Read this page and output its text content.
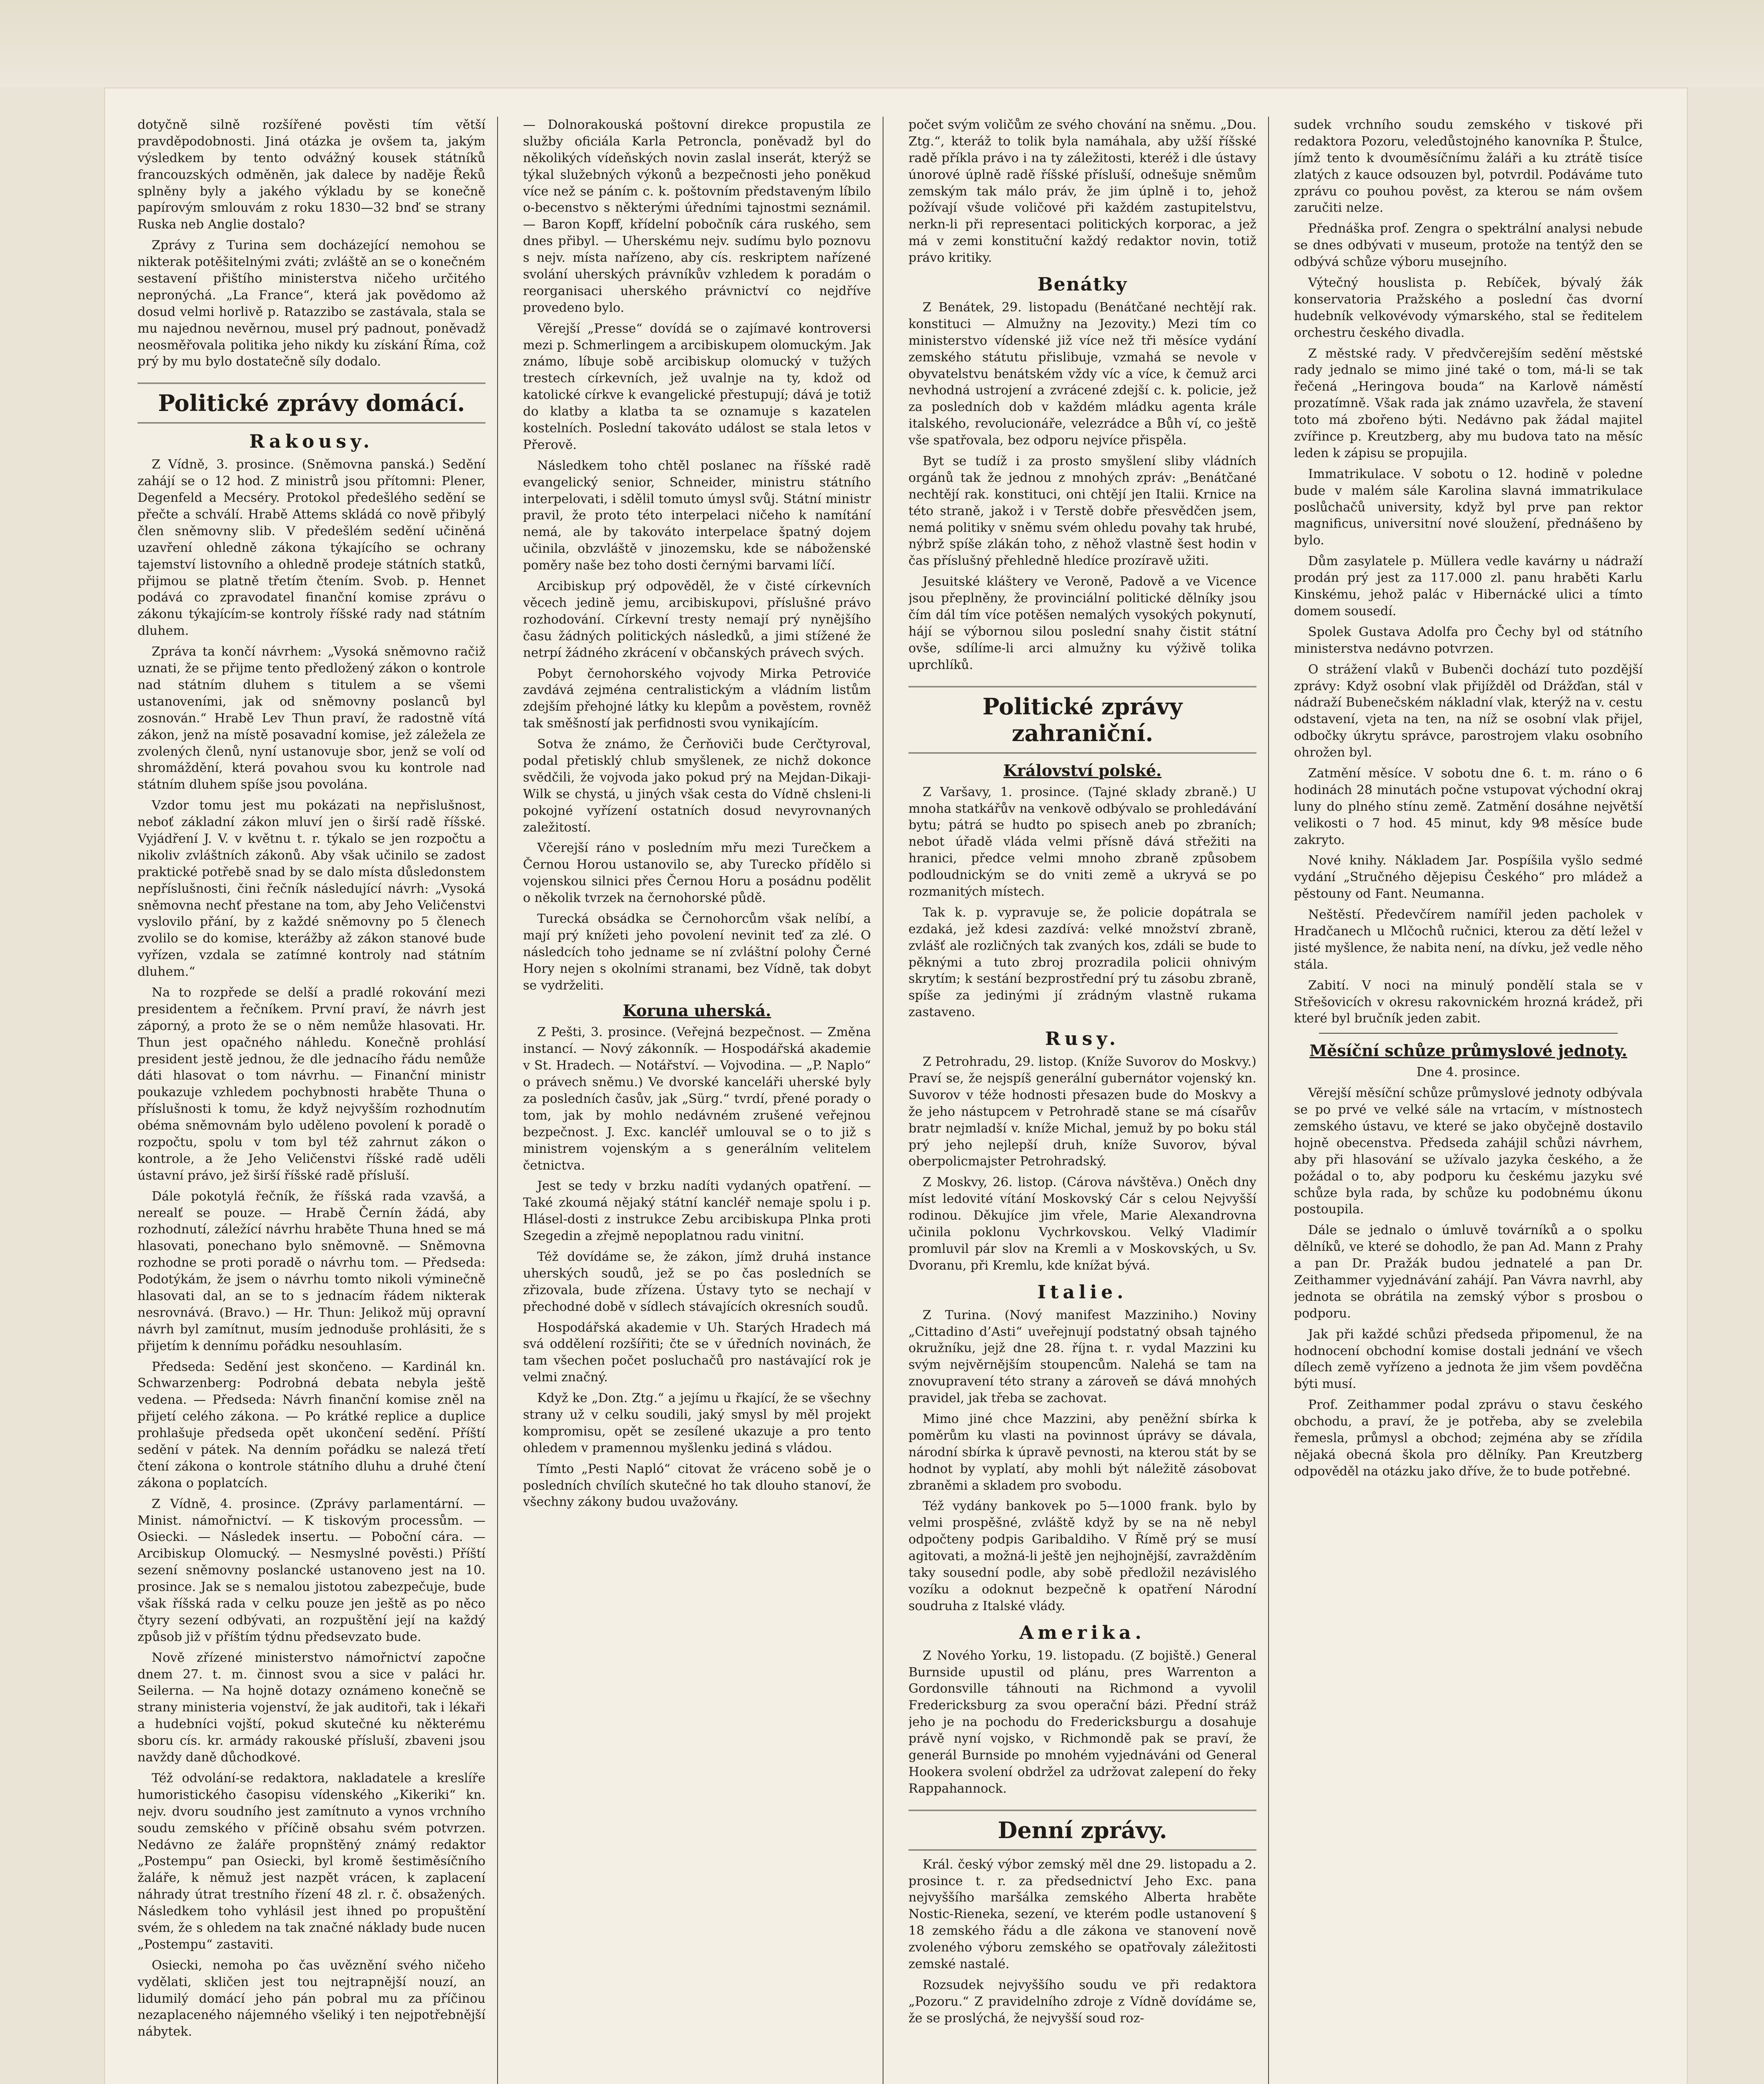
dotyčně silně rozšířené pověsti tím větší pravděpodobnosti. Jiná otázka je ovšem ta, jakým výsledkem by tento odvážný kousek státníků francouzských odměněn, jak dalece by naděje Řeků splněny byly a jakého výkladu by se konečně papírovým smlouvám z roku 1830—32 bnď se strany Ruska neb Anglie dostalo?

Zprávy z Turina sem docházející nemohou se nikterak potěšitelnými zváti; zvláště an se o konečném sestavení přištího ministerstva ničeho určitého nepronýchá. „La France“, která jak povědomo až dosud velmi horlivě p. Ratazzibo se zastávala, stala se mu najednou nevěrnou, musel prý padnout, poněvadž neosměřovala politika jeho nikdy ku získání Říma, což prý by mu bylo dostatečně síly dodalo.

Politické zprávy domácí.
Rakousy.

Z Vídně, 3. prosince. (Sněmovna panská.) Sedění zahájí se o 12 hod. Z ministrů jsou přítomni: Plener, Degenfeld a Mecséry. Protokol předešlého sedění se přečte a schválí. Hrabě Attems skládá co nově přibylý člen sněmovny slib. V předešlém sedění učiněná uzavření ohledně zákona týkajícího se ochrany tajemství listovního a ohledně prodeje státních statků, přijmou se platně třetím čtením. Svob. p. Hennet podává co zpravodatel finanční komise zprávu o zákonu týkajícím-se kontroly říšské rady nad státním dluhem.

Zpráva ta končí návrhem: „Vysoká sněmovno račiž uznati, že se přijme tento předložený zákon o kontrole nad státním dluhem s titulem a se všemi ustanoveními, jak od sněmovny poslanců byl zosnován.“ Hrabě Lev Thun praví, že radostně vítá zákon, jenž na místě posavadní komise, jež záležela ze zvolených členů, nyní ustanovuje sbor, jenž se volí od shromáždění, která povahou svou ku kontrole nad státním dluhem spíše jsou povolána.

Vzdor tomu jest mu pokázati na nepřislušnost, neboť základní zákon mluví jen o širší radě říšské. Vyjádření J. V. v květnu t. r. týkalo se jen rozpočtu a nikoliv zvláštních zákonů. Aby však učinilo se zadost praktické potřebě snad by se dalo místa důsledonstem nepříslušnosti, čini řečník následující návrh: „Vysoká sněmovna nechť přestane na tom, aby Jeho Veličenstvi vyslovilo přání, by z každé sněmovny po 5 členech zvolilo se do komise, kterážby až zákon stanové bude vyřízen, vzdala se zatímné kontroly nad státním dluhem.“

Na to rozpřede se delší a pradlé rokování mezi presidentem a řečníkem. První praví, že návrh jest záporný, a proto že se o něm nemůže hlasovati. Hr. Thun jest opačného náhledu. Konečně prohlásí president jestě jednou, že dle jednacího řádu nemůže dáti hlasovat o tom návrhu. — Finanční ministr poukazuje vzhledem pochybnosti hraběte Thuna o příslušnosti k tomu, že když nejvyšším rozhodnutím obéma sněmovnám bylo uděleno povolení k poradě o rozpočtu, spolu v tom byl též zahrnut zákon o kontrole, a že Jeho Veličenstvi říšské radě uděli ústavní právo, jež širší říšské radě přísluší.

Dále pokotylá řečník, že říšská rada vzavšá, a nerealť se pouze. — Hrabě Černín žádá, aby rozhodnutí, záležící návrhu hraběte Thuna hned se má hlasovati, ponechano bylo sněmovně. — Sněmovna rozhodne se proti poradě o návrhu tom. — Předseda: Podotýkám, že jsem o návrhu tomto nikoli výminečně hlasovati dal, an se to s jednacím řádem nikterak nesrovnává. (Bravo.) — Hr. Thun: Jelikož mŭj opravní návrh byl zamítnut, musím jednoduše prohlásiti, že s přijetím k dennímu pořádku nesouhlasím.

Předseda: Sedění jest skončeno. — Kardinál kn. Schwarzenberg: Podrobná debata nebyla ještě vedena. — Předseda: Návrh finanční komise zněl na přijetí celého zákona. — Po krátké replice a duplice prohlašuje předseda opět ukončení sedění. Příští sedění v pátek. Na denním pořádku se nalezá třetí čtení zákona o kontrole státního dluhu a druhé čtení zákona o poplatcích.

Z Vídně, 4. prosince. (Zprávy parlamentární. — Minist. námořnictví. — K tiskovým processům. — Osiecki. — Následek insertu. — Poboční cára. — Arcibiskup Olomucký. — Nesmyslné pověsti.) Příští sezení sněmovny poslancké ustanoveno jest na 10. prosince. Jak se s nemalou jistotou zabezpečuje, bude však říšská rada v celku pouze jen ještě as po něco čtyry sezení odbývati, an rozpuštění její na každý způsob již v příštím týdnu předsevzato bude.

Nově zřízené ministerstvo námořnictví započne dnem 27. t. m. činnost svou a sice v paláci hr. Seilerna. — Na hojně dotazy oznámeno konečně se strany ministeria vojenství, že jak auditoři, tak i lékaři a hudebníci vojští, pokud skutečné ku některému sboru cís. kr. armády rakouské přísluší, zbaveni jsou navždy daně důchodkové.

Též odvolání-se redaktora, nakladatele a kreslíře humoristického časopisu vídenského „Kikeriki“ kn. nejv. dvoru soudního jest zamítnuto a vynos vrchního soudu zemského v příčině obsahu svém potvrzen. Nedávno ze žaláře propnštěný známý redaktor „Postempu“ pan Osiecki, byl kromě šestiměsíčního žaláře, k němuž jest nazpět vrácen, k zaplacení náhrady útrat trestního řízení 48 zl. r. č. obsažených. Následkem toho vyhlásil jest ihned po propuštění svém, že s ohledem na tak značné náklady bude nucen „Postempu“ zastaviti.

Osiecki, nemoha po čas uvěznění svého ničeho vydělati, skličen jest tou nejtrapnější nouzí, an lidumilý domácí jeho pán pobral mu za příčinou nezaplaceného nájemného všeliký i ten nejpotřebnější nábytek.

— Dolnorakouská poštovní direkce propustila ze služby oficiála Karla Petroncla, poněvadž byl do několikých vídeňských novin zaslal inserát, kterýž se týkal služebných výkonů a bezpečnosti jeho poněkud více než se páním c. k. poštovním představeným líbilo o-becenstvo s některými úředními tajnostmi seznámil. — Baron Kopff, křídelní pobočník cára ruského, sem dnes přibyl. — Uherskému nejv. sudímu bylo poznovu s nejv. místa nařízeno, aby cís. reskriptem nařízené svolání uherských právníkův vzhledem k poradám o reorganisaci uherského právnictví co nejdříve provedeno bylo.

Věrejší „Presse“ dovídá se o zajímavé kontroversi mezi p. Schmerlingem a arcibiskupem olomuckým. Jak známo, líbuje sobě arcibiskup olomucký v tužých trestech církevních, jež uvalnje na ty, kdož od katolické církve k evangelické přestupují; dává je totiž do klatby a klatba ta se oznamuje s kazatelen kostelních. Poslední takováto událost se stala letos v Přerově.

Následkem toho chtěl poslanec na říšské radě evangelický senior, Schneider, ministru státního interpelovati, i sdělil tomuto úmysl svůj. Státní ministr pravil, že proto této interpelaci ničeho k namítání nemá, ale by takováto interpelace špatný dojem učinila, obzvláště v jinozemsku, kde se náboženské poměry naše bez toho dosti černými barvami líčí.

Arcibiskup prý odpověděl, že v čisté církevních věcech jedině jemu, arcibiskupovi, příslušné právo rozhodování. Církevní tresty nemají prý nynějšího času žádných politických následků, a jimi stížené že netrpí žádného zkrácení v občanských právech svých.

Pobyt černohorského vojvody Mirka Petroviće zavdává zejména centralistickým a vládním listům zdejším přehojné látky ku klepům a pověstem, rovněž tak směšností jak perfidnosti svou vynikajícím.

Sotva že známo, že Čerňoviči bude Cerčtyroval, podal přetisklý chlub smyšlenek, ze nichž dokonce svědčili, že vojvoda jako pokud prý na Mejdan-Dikaji-Wilk se chystá, u jiných však cesta do Vídně chsleni-li pokojné vyřízení ostatních dosud nevyrovnaných zaležitostí.

Včerejší ráno v posledním mřu mezi Turečkem a Černou Horou ustanovilo se, aby Turecko přídělo si vojenskou silnici přes Černou Horu a posádnu podělit o několik tvrzek na černohorské půdě.

Turecká obsádka se Černohorcům však nelíbí, a mají prý knížeti jeho povolení nevinit teď za zlé. O následcích toho jedname se ní zvláštní polohy Černé Hory nejen s okolními stranami, bez Vídně, tak dobyt se vydrželiti.

Koruna uherská.

Z Pešti, 3. prosince. (Veřejná bezpečnost. — Změna instancí. — Nový zákonník. — Hospodářská akademie v St. Hradech. — Notářství. — Vojvodina. — „P. Naplo“ o právech sněmu.) Ve dvorské kanceláři uherské byly za posledních časův, jak „Sürg.“ tvrdí, přené porady o tom, jak by mohlo nedávném zrušené veřejnou bezpečnost. J. Exc. kancléř umlouval se o to již s ministrem vojenským a s generálním velitelem četnictva.

Jest se tedy v brzku nadíti vydaných opatření. — Také zkoumá nějaký státní kancléř nemaje spolu i p. Hlásel-dosti z instrukce Zebu arcibiskupa Plnka proti Szegedin a zřejmě nepoplatnou radu vinitní.

Též dovídáme se, že zákon, jímž druhá instance uherských soudů, jež se po čas posledních se zřizovala, bude zřízena. Ústavy tyto se nechají v přechodné době v sídlech stávajících okresních soudů.

Hospodářská akademie v Uh. Starých Hradech má svá oddělení rozšířiti; čte se v úředních novinách, že tam všechen počet posluchačů pro nastávající rok je velmi značný.

Když ke „Don. Ztg.“ a jejímu u řkající, že se všechny strany už v celku soudili, jaký smysl by měl projekt kompromisu, opět se zesílené ukazuje a pro tento ohledem v pramennou myšlenku jediná s vládou.

Tímto „Pesti Napló“ citovat že vráceno sobě je o posledních chvílích skutečné ho tak dlouho stanoví, že všechny zákony budou uvažovány.

počet svým voličům ze svého chování na sněmu. „Dou. Ztg.“, kteráž to tolik byla namáhala, aby užší říšské radě příkla právo i na ty záležitosti, kteréž i dle ústavy únorové úplně radě říšské přísluší, odnešuje sněmům zemským tak málo práv, že jim úplně i to, jehož požívají všude voličové při každém zastupitelstvu, nerkn-li při representaci politických korporac, a jež má v zemi konstituční každý redaktor novin, totiž právo kritiky.

Benátky

Z Benátek, 29. listopadu (Benátčané nechtějí rak. konstituci — Almužny na Jezovity.) Mezi tím co ministerstvo vídenské již více než tři měsíce vydání zemského státutu přislibuje, vzmahá se nevole v obyvatelstvu benátském vždy víc a více, k čemuž arci nevhodná ustrojení a zvrácené zdejší c. k. policie, jež za posledních dob v každém mládku agenta krále italského, revolucionáře, velezrádce a Bůh ví, co ještě vše spatřovala, bez odporu nejvíce přispěla.

Byt se tudíž i za prosto smyšlení sliby vládních orgánů tak že jednou z mnohých zpráv: „Benátčané nechtějí rak. konstituci, oni chtějí jen Italii. Krnice na této straně, jakož i v Terstě dobře přesvědčen jsem, nemá politiky v sněmu svém ohledu povahy tak hrubé, nýbrž spíše zlákán toho, z něhož vlastně šest hodin v čas příslušný přehledně hledíce prozíravě užiti.

Jesuitské kláštery ve Veroně, Padově a ve Vicence jsou přeplněny, že provinciální politické dělníky jsou čím dál tím více potěšen nemalých vysokých pokynutí, hájí se výbornou silou poslední snahy čistit státní ovše, sdílíme-li arci almužny ku výživě tolika uprchlíků.

Politické zprávy zahraniční.
Království polské.

Z Varšavy, 1. prosince. (Tajné sklady zbraně.) U mnoha statkářův na venkově odbývalo se prohledávání bytu; pátrá se hudto po spisech aneb po zbraních; nebot úřadě vláda velmi přísně dává střežiti na hranici, předce velmi mnoho zbraně způsobem podloudnickým se do vniti země a ukryvá se po rozmanitých místech.

Tak k. p. vypravuje se, že policie dopátrala se ezdaká, jež kdesi zazdívá: velké množství zbraně, zvlášť ale rozličných tak zvaných kos, zdáli se bude to pěknými a tuto zbroj prozradila policii ohnivým skrytím; k sestání bezprostřední prý tu zásobu zbraně, spíše za jedinými jí zrádným vlastně rukama zastaveno.

Rusy.

Z Petrohradu, 29. listop. (Kníže Suvorov do Moskvy.) Praví se, že nejspíš generální gubernátor vojenský kn. Suvorov v téže hodnosti přesazen bude do Moskvy a že jeho nástupcem v Petrohradě stane se má císařův bratr nejmladší v. kníže Michal, jemuž by po boku stál prý jeho nejlepší druh, kníže Suvorov, býval oberpolicmajster Petrohradský.

Z Moskvy, 26. listop. (Cárova návštěva.) Oněch dny míst ledovité vítání Moskovský Cár s celou Nejvyšší rodinou. Děkujíce jim vřele, Marie Alexandrovna učinila poklonu Vychrkovskou. Velký Vladimír promluvil pár slov na Kremli a v Moskovských, u Sv. Dvoranu, při Kremlu, kde knížat bývá.

Italie.

Z Turina. (Nový manifest Mazziniho.) Noviny „Cittadino d’Asti“ uveřejnují podstatný obsah tajného okružníku, jejž dne 28. října t. r. vydal Mazzini ku svým nejvěrnějším stoupencům. Nalehá se tam na znovupravení této strany a zároveň se dává mnohých pravidel, jak třeba se zachovat.

Mimo jiné chce Mazzini, aby peněžní sbírka k poměrům ku vlasti na povinnost úprávy se dávala, národní sbírka k úpravě pevnosti, na kterou stát by se hodnot by vyplatí, aby mohli být náležitě zásobovat zbraněmi a skladem pro svobodu.

Též vydány bankovek po 5—1000 frank. bylo by velmi prospěšné, zvláště když by se na ně nebyl odpočteny podpis Garibaldiho. V Římě prý se musí agitovati, a možná-li ještě jen nejhojnější, zavražděním taky sousední podle, aby sobě předložil nezávislého vozíku a odoknut bezpečně k opatření Národní soudruha z Italské vlády.

Amerika.

Z Nového Yorku, 19. listopadu. (Z bojiště.) General Burnside upustil od plánu, pres Warrenton a Gordonsville táhnouti na Richmond a vyvolil Fredericksburg za svou operační bázi. Přední stráž jeho je na pochodu do Fredericksburgu a dosahuje právě nyní vojsko, v Richmondě pak se praví, že generál Burnside po mnohém vyjednáváni od General Hookera svolení obdržel za udržovat zalepení do řeky Rappahannock.

Denní zprávy.

Král. český výbor zemský měl dne 29. listopadu a 2. prosince t. r. za předsednictví Jeho Exc. pana nejvyššího maršálka zemského Alberta hraběte Nostic-Rieneka, sezení, ve kterém podle ustanovení § 18 zemského řádu a dle zákona ve stanovení nově zvoleného výboru zemského se opatřovaly záležitosti zemské nastalé.

Rozsudek nejvyššího soudu ve při redaktora „Pozoru.“ Z pravidelního zdroje z Vídně dovídáme se, že se proslýchá, že nejvyšší soud roz-

sudek vrchního soudu zemského v tiskové při redaktora Pozoru, veledůstojného kanovníka P. Štulce, jímž tento k dvouměsíčnímu žaláři a ku ztrátě tisíce zlatých z kauce odsouzen byl, potvrdil. Podáváme tuto zprávu co pouhou pověst, za kterou se nám ovšem zaručiti nelze.

Přednáška prof. Zengra o spektrální analysi nebude se dnes odbývati v museum, protože na tentýž den se odbývá schůze výboru musejního.

Výtečný houslista p. Rebíček, bývalý žák konservatoria Pražského a poslední čas dvorní hudebník velkovévody výmarského, stal se ředitelem orchestru českého divadla.

Z městské rady. V předvčerejším sedění městské rady jednalo se mimo jiné také o tom, má-li se tak řečená „Heringova bouda“ na Karlově náměstí prozatímně. Však rada jak známo uzavřela, že stavení toto má zbořeno býti. Nedávno pak žádal majitel zvířince p. Kreutzberg, aby mu budova tato na měsíc leden k zápisu se propujila.

Immatrikulace. V sobotu o 12. hodině v poledne bude v malém sále Karolina slavná immatrikulace poslůchačů university, když byl prve pan rektor magnificus, universitní nové sloužení, přednášeno by bylo.

Dům zasylatele p. Müllera vedle kavárny u nádraží prodán prý jest za 117.000 zl. panu hraběti Karlu Kinskému, jehož palác v Hibernácké ulici a tímto domem sousedí.

Spolek Gustava Adolfa pro Čechy byl od státního ministerstva nedávno potvrzen.

O strážení vlaků v Bubenči dochází tuto pozdější zprávy: Když osobní vlak přijížděl od Drážďan, stál v nádraží Bubenečském nákladní vlak, kterýž na v. cestu odstavení, vjeta na ten, na níž se osobní vlak přijel, odbočky úkrytu správce, parostrojem vlaku osobního ohrožen byl.

Zatmění měsíce. V sobotu dne 6. t. m. ráno o 6 hodinách 28 minutách počne vstupovat východní okraj luny do plného stínu země. Zatmění dosáhne největší velikosti o 7 hod. 45 minut, kdy 9⁄8 měsíce bude zakryto.

Nové knihy. Nákladem Jar. Pospíšila vyšlo sedmé vydání „Stručného dějepisu Českého“ pro mládež a pěstouny od Fant. Neumanna.

Neštěstí. Předevčírem namířil jeden pacholek v Hradčanech u Mlčochů ručnici, kterou za dětí ležel v jisté myšlence, že nabita není, na dívku, jež vedle něho stála.

Zabití. V noci na minulý pondělí stala se v Střešovicích v okresu rakovnickém hrozná krádež, při které byl bručník jeden zabit.

Měsíční schůze průmyslové jednoty.

Dne 4. prosince.

Věrejší měsíční schůze průmyslové jednoty odbývala se po prvé ve velké sále na vrtacím, v místnostech zemského ústavu, ve které se jako obyčejně dostavilo hojně obecenstva. Předseda zahájil schůzi návrhem, aby při hlasování se užívalo jazyka českého, a že požádal o to, aby podporu ku českému jazyku své schůze byla rada, by schůze ku podobnému úkonu postoupila.

Dále se jednalo o úmluvě továrníků a o spolku dělníků, ve které se dohodlo, že pan Ad. Mann z Prahy a pan Dr. Pražák budou jednatelé a pan Dr. Zeithammer vyjednávání zahájí. Pan Vávra navrhl, aby jednota se obrátila na zemský výbor s prosbou o podporu.

Jak při každé schůzi předseda připomenul, že na hodnocení obchodní komise dostali jednání ve všech dílech země vyřízeno a jednota že jim všem povděčna býti musí.

Prof. Zeithammer podal zprávu o stavu českého obchodu, a praví, že je potřeba, aby se zvelebila řemesla, průmysl a obchod; zejména aby se zřídila nějaká obecná škola pro dělníky. Pan Kreutzberg odpověděl na otázku jako dříve, že to bude potřebné.
